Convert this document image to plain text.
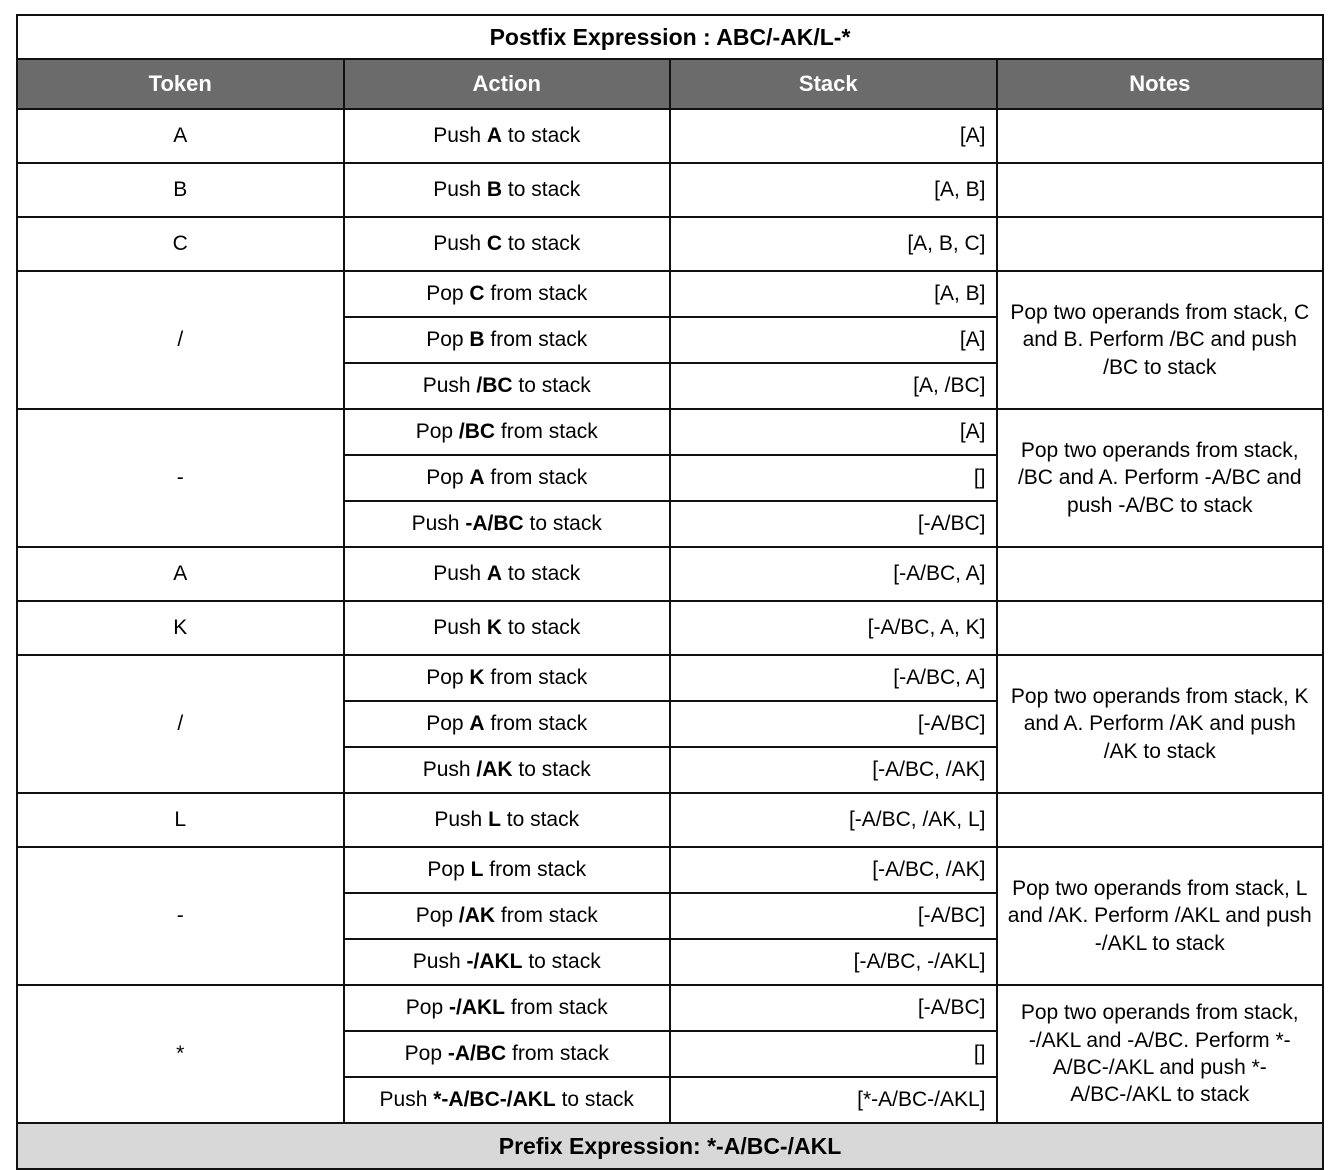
Postfix Expression : ABC/-AK/L-*			
Token	Action	Stack	Notes
A	Push A to stack	[A]	
B	Push B to stack	[A, B]	
C	Push C to stack	[A, B, C]	
/	Pop C from stack	[A, B]	Pop two operands from stack, C and B. Perform /BC and push /BC to stack
	Pop B from stack	[A]	
	Push /BC to stack	[A, /BC]	
-	Pop /BC from stack	[A]	Pop two operands from stack, /BC and A. Perform -A/BC and push -A/BC to stack
	Pop A from stack	[]	
	Push -A/BC to stack	[-A/BC]	
A	Push A to stack	[-A/BC, A]	
K	Push K to stack	[-A/BC, A, K]	
/	Pop K from stack	[-A/BC, A]	Pop two operands from stack, K and A. Perform /AK and push /AK to stack
	Pop A from stack	[-A/BC]	
	Push /AK to stack	[-A/BC, /AK]	
L	Push L to stack	[-A/BC, /AK, L]	
-	Pop L from stack	[-A/BC, /AK]	Pop two operands from stack, L and /AK. Perform /AKL and push -/AKL to stack
	Pop /AK from stack	[-A/BC]	
	Push -/AKL to stack	[-A/BC, -/AKL]	
*	Pop -/AKL from stack	[-A/BC]	Pop two operands from stack, -/AKL and -A/BC. Perform *-A/BC-/AKL and push *-A/BC-/AKL to stack
	Pop -A/BC from stack	[]	
	Push *-A/BC-/AKL to stack	[*-A/BC-/AKL]	
Prefix Expression: *-A/BC-/AKL			
